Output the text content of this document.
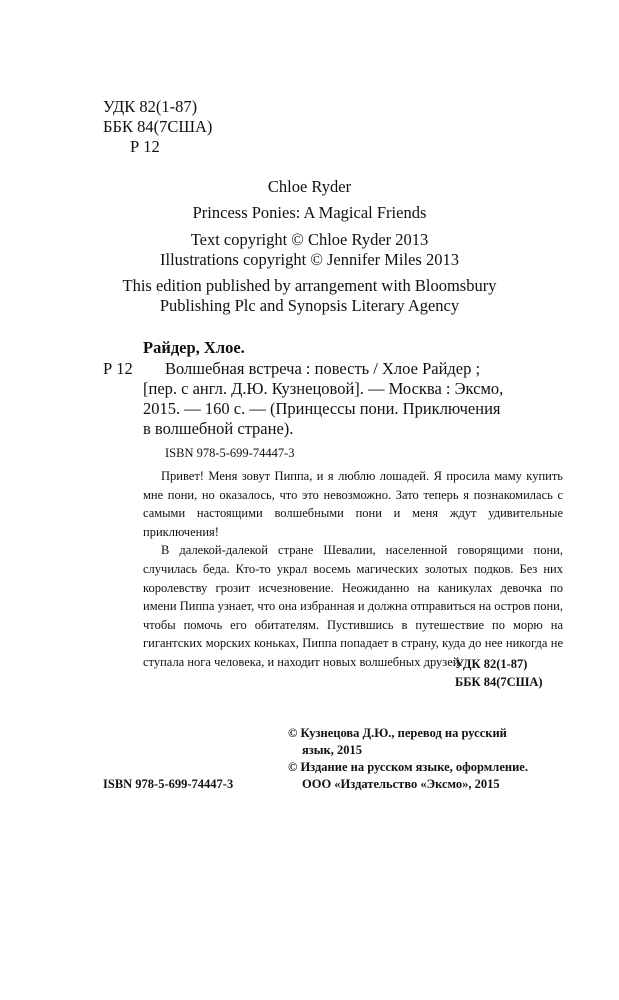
УДК 82(1-87)
ББК 84(7США)
Р 12
Chloe Ryder
Princess Ponies: A Magical Friends
Text copyright © Chloe Ryder 2013
Illustrations copyright © Jennifer Miles 2013
This edition published by arrangement with Bloomsbury
Publishing Plc and Synopsis Literary Agency
Райдер, Хлое.
Р 12 Волшебная встреча : повесть / Хлое Райдер ;
[пер. с англ. Д.Ю. Кузнецовой]. — Москва : Эксмо,
2015. — 160 с. — (Принцессы пони. Приключения
в волшебной стране).
ISBN 978-5-699-74447-3

Привет! Меня зовут Пиппа, и я люблю лошадей. Я просила маму купить мне пони, но оказалось, что это невозможно. Зато теперь я познакомилась с самыми настоящими волшебными пони и меня ждут удивительные приключения!

В далекой-далекой стране Шевалии, населенной говорящими пони, случилась беда. Кто-то украл восемь магических золотых подков. Без них королевству грозит исчезновение. Неожиданно на каникулах девочка по имени Пиппа узнает, что она избранная и должна отправиться на остров пони, чтобы помочь его обитателям. Пустившись в путешествие по морю на гигантских морских коньках, Пиппа попадает в страну, куда до нее никогда не ступала нога человека, и находит новых волшебных друзей.

УДК 82(1-87)
ББК 84(7США)
© Кузнецова Д.Ю., перевод на русский
язык, 2015
© Издание на русском языке, оформление.
ISBN 978-5-699-74447-3	ООО «Издательство «Эксмо», 2015
